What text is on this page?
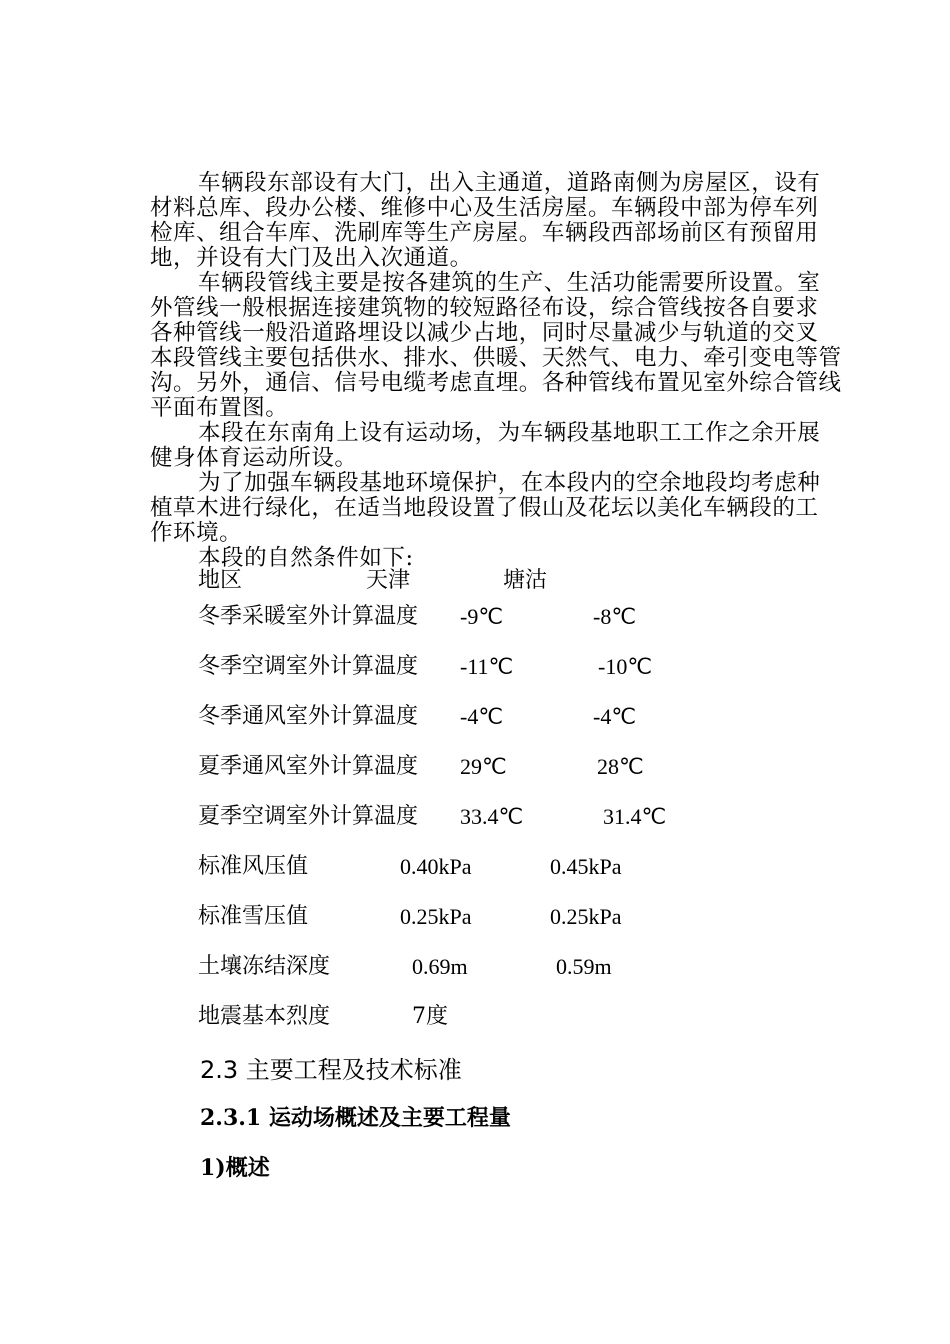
车辆段东部设有大门，出入主通道，道路南侧为房屋区，设有
材料总库、段办公楼、维修中心及生活房屋。车辆段中部为停车列
检库、组合车库、洗刷库等生产房屋。车辆段西部场前区有预留用
地，并设有大门及出入次通道。
车辆段管线主要是按各建筑的生产、生活功能需要所设置。室
外管线一般根据连接建筑物的较短路径布设，综合管线按各自要求
各种管线一般沿道路埋设以减少占地，同时尽量减少与轨道的交叉
本段管线主要包括供水、排水、供暖、天然气、电力、牵引变电等管
沟。另外，通信、信号电缆考虑直埋。各种管线布置见室外综合管线
平面布置图。
本段在东南角上设有运动场，为车辆段基地职工工作之余开展
健身体育运动所设。
为了加强车辆段基地环境保护，在本段内的空余地段均考虑种
植草木进行绿化，在适当地段设置了假山及花坛以美化车辆段的工
作环境。
本段的自然条件如下:
地区	天津	塘沽
冬季采暖室外计算温度 -9℃	-8℃
冬季空调室外计算温度 -11℃	-10℃
冬季通风室外计算温度 -4℃	-4℃
夏季通风室外计算温度 29℃	28℃
夏季空调室外计算温度 33.4℃	31.4℃
标准风压值	0.40kPa	0.45kPa
标准雪压值	0.25kPa	0.25kPa
土壤冻结深度	0.69m	0.59m
地震基本烈度	7度
2.3 主要工程及技术标准
2.3.1 运动场概述及主要工程量
1)概述
